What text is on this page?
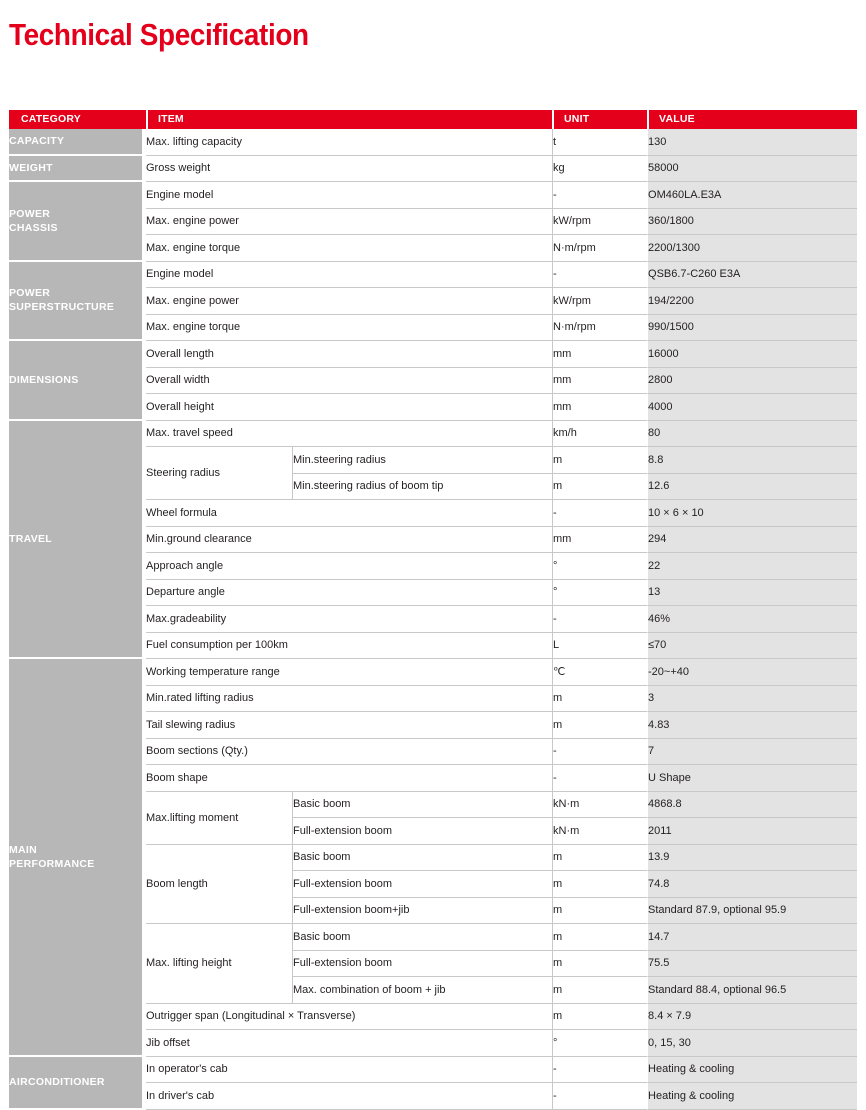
Technical Specification
CATEGORY	ITEM		UNIT	VALUE
CAPACITY	Max. lifting capacity		t	130
WEIGHT	Gross weight		kg	58000

POWER
CHASSIS	Engine model		-	OM460LA.E3A
	Max. engine power		kW/rpm	360/1800
	Max. engine torque		N·m/rpm	2200/1300

POWER
SUPERSTRUCTURE	Engine model		-	QSB6.7-C260 E3A
	Max. engine power		kW/rpm	194/2200
	Max. engine torque		N·m/rpm	990/1500
DIMENSIONS	Overall length		mm	16000
	Overall width		mm	2800
	Overall height		mm	4000
TRAVEL	Max. travel speed		km/h	80
	Steering radius	Min.steering radius	m	8.8
		Min.steering radius of boom tip	m	12.6
	Wheel formula		-	10 × 6 × 10
	Min.ground clearance		mm	294
	Approach angle		°	22
	Departure angle		°	13
	Max.gradeability		-	46%
	Fuel consumption per 100km		L	≤70

MAIN
PERFORMANCE	Working temperature range		℃	-20~+40
	Min.rated lifting radius		m	3
	Tail slewing radius		m	4.83
	Boom sections (Qty.)		-	7
	Boom shape		-	U Shape
	Max.lifting moment	Basic boom	kN·m	4868.8
		Full-extension boom	kN·m	2011
	Boom length	Basic boom	m	13.9
		Full-extension boom	m	74.8
		Full-extension boom+jib	m	Standard 87.9, optional 95.9
	Max. lifting height	Basic boom	m	14.7
		Full-extension boom	m	75.5
		Max. combination of boom + jib	m	Standard 88.4, optional 96.5
	Outrigger span (Longitudinal × Transverse)		m	8.4 × 7.9
	Jib offset		°	0, 15, 30
AIRCONDITIONER	In operator's cab		-	Heating & cooling
	In driver's cab		-	Heating & cooling
